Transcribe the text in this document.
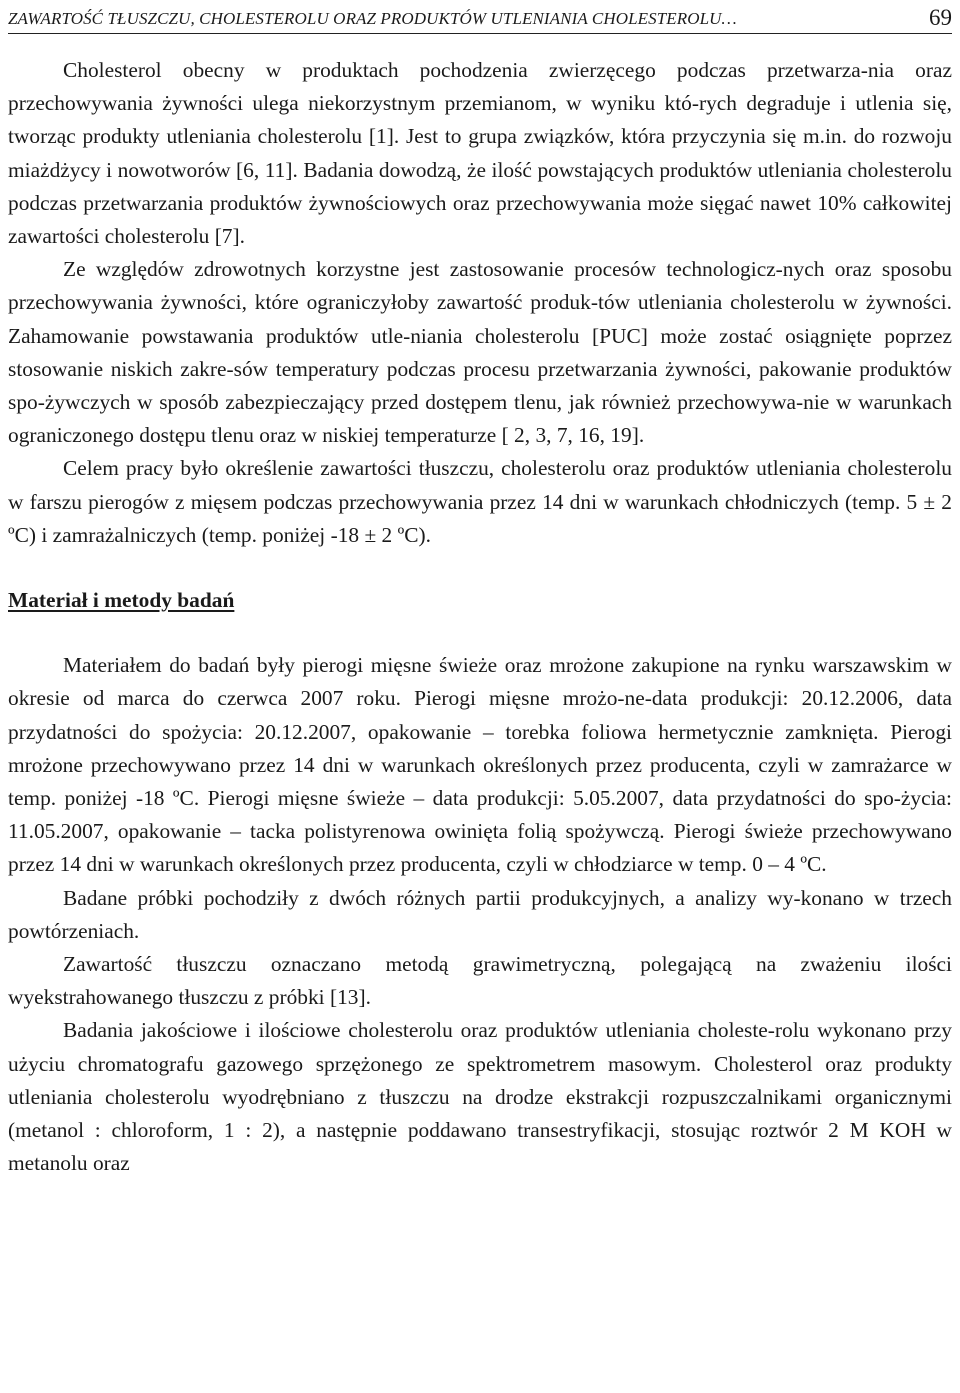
ZAWARTOŚĆ TŁUSZCZU, CHOLESTEROLU ORAZ PRODUKTÓW UTLENIANIA CHOLESTEROLU…	69

Cholesterol obecny w produktach pochodzenia zwierzęcego podczas przetwarza-nia oraz przechowywania żywności ulega niekorzystnym przemianom, w wyniku któ-rych degraduje i utlenia się, tworząc produkty utleniania cholesterolu [1]. Jest to grupa związków, która przyczynia się m.in. do rozwoju miażdżycy i nowotworów [6, 11]. Badania dowodzą, że ilość powstających produktów utleniania cholesterolu podczas przetwarzania produktów żywnościowych oraz przechowywania może sięgać nawet 10% całkowitej zawartości cholesterolu [7].

Ze względów zdrowotnych korzystne jest zastosowanie procesów technologicz-nych oraz sposobu przechowywania żywności, które ograniczyłoby zawartość produk-tów utleniania cholesterolu w żywności. Zahamowanie powstawania produktów utle-niania cholesterolu [PUC] może zostać osiągnięte poprzez stosowanie niskich zakre-sów temperatury podczas procesu przetwarzania żywności, pakowanie produktów spo-żywczych w sposób zabezpieczający przed dostępem tlenu, jak również przechowywa-nie w warunkach ograniczonego dostępu tlenu oraz w niskiej temperaturze [ 2, 3, 7, 16, 19].

Celem pracy było określenie zawartości tłuszczu, cholesterolu oraz produktów utleniania cholesterolu w farszu pierogów z mięsem podczas przechowywania przez 14 dni w warunkach chłodniczych (temp. 5 ± 2 ºC) i zamrażalniczych (temp. poniżej -18 ± 2 ºC).

Materiał i metody badań

Materiałem do badań były pierogi mięsne świeże oraz mrożone zakupione na rynku warszawskim w okresie od marca do czerwca 2007 roku. Pierogi mięsne mrożo-ne-data produkcji: 20.12.2006, data przydatności do spożycia: 20.12.2007, opakowanie – torebka foliowa hermetycznie zamknięta. Pierogi mrożone przechowywano przez 14 dni w warunkach określonych przez producenta, czyli w zamrażarce w temp. poniżej -18 ºC. Pierogi mięsne świeże – data produkcji: 5.05.2007, data przydatności do spo-życia: 11.05.2007, opakowanie – tacka polistyrenowa owinięta folią spożywczą. Pierogi świeże przechowywano przez 14 dni w warunkach określonych przez producenta, czyli w chłodziarce w temp. 0 – 4 ºC.

Badane próbki pochodziły z dwóch różnych partii produkcyjnych, a analizy wy-konano w trzech powtórzeniach.

Zawartość tłuszczu oznaczano metodą grawimetryczną, polegającą na zważeniu ilości wyekstrahowanego tłuszczu z próbki [13].

Badania jakościowe i ilościowe cholesterolu oraz produktów utleniania choleste-rolu wykonano przy użyciu chromatografu gazowego sprzężonego ze spektrometrem masowym. Cholesterol oraz produkty utleniania cholesterolu wyodrębniano z tłuszczu na drodze ekstrakcji rozpuszczalnikami organicznymi (metanol : chloroform, 1 : 2), a następnie poddawano transestryfikacji, stosując roztwór 2 M KOH w metanolu oraz
